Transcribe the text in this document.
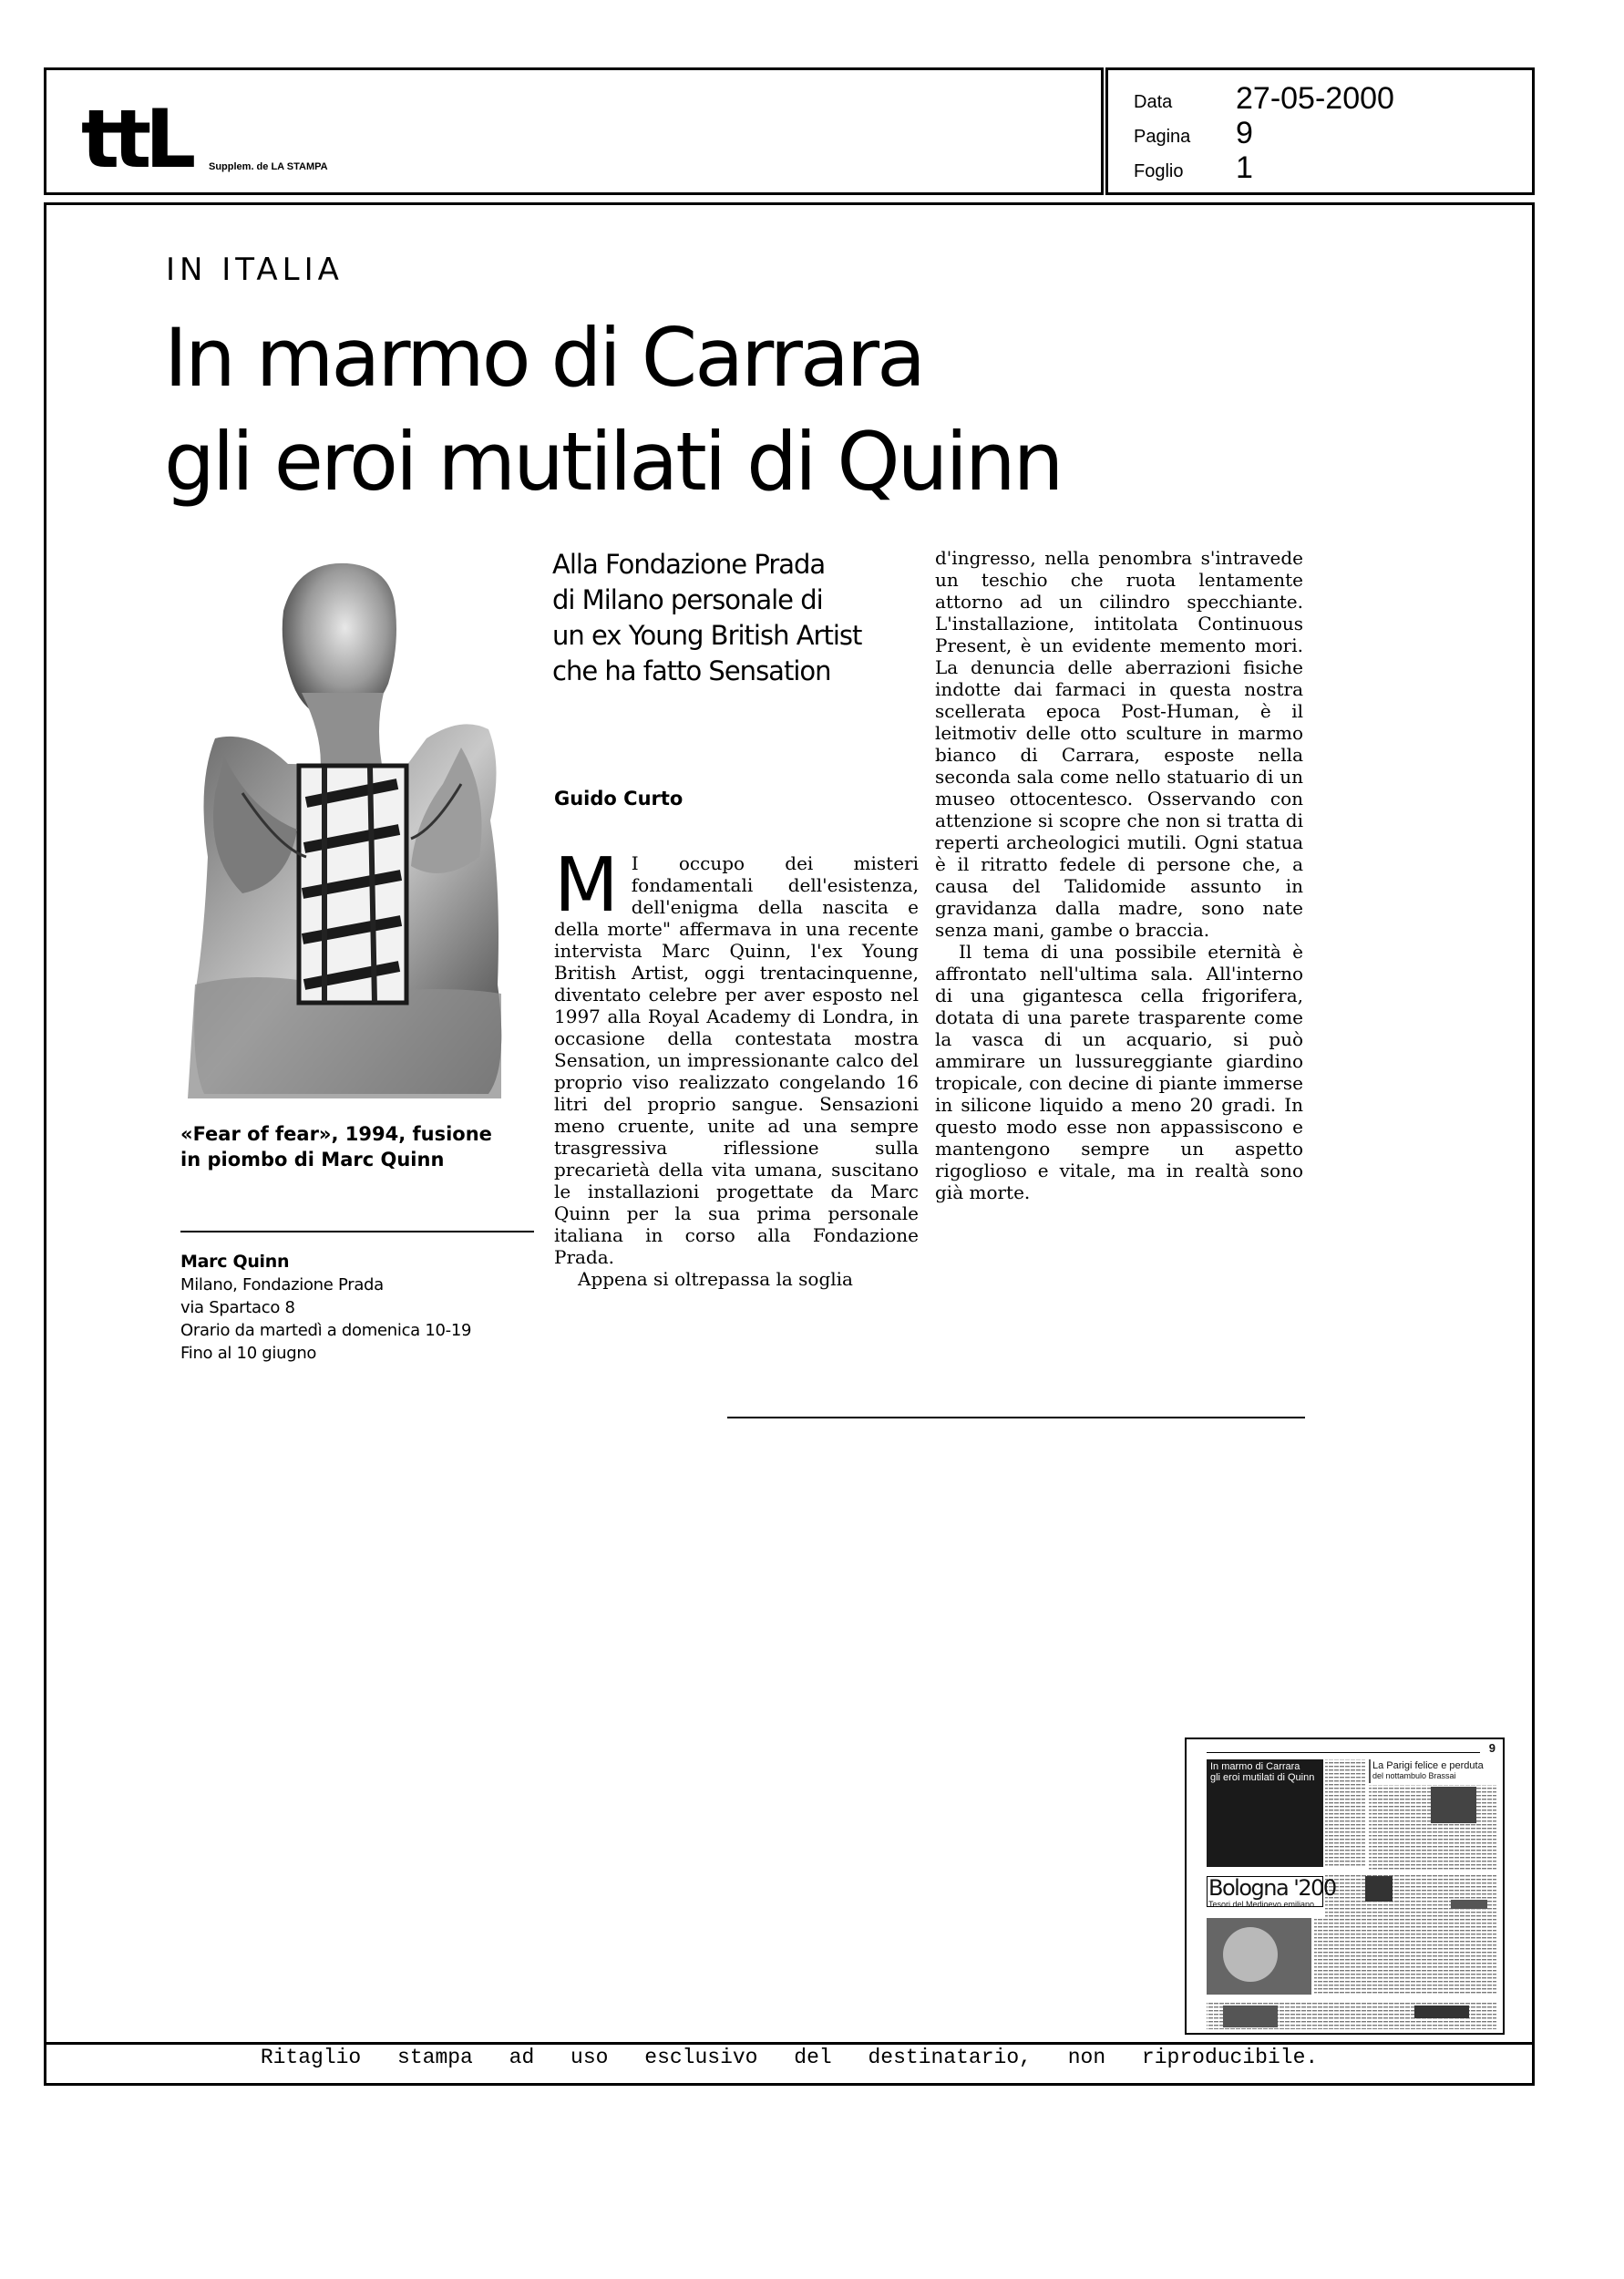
ttL Supplem. de LA STAMPA
Data 27-05-2000
Pagina 9
Foglio 1
IN ITALIA
In marmo di Carrara
gli eroi mutilati di Quinn

«Fear of fear», 1994, fusione in piombo di Marc Quinn

Marc Quinn
Milano, Fondazione Prada
via Spartaco 8
Orario da martedì a domenica 10-19
Fino al 10 giugno
Alla Fondazione Prada
di Milano personale di
un ex Young British Artist
che ha fatto Sensation
Guido Curto

M I occupo dei misteri fondamentali dell'esistenza, dell'enigma della nascita e della morte" affermava in una recente intervista Marc Quinn, l'ex Young British Artist, oggi trentacinquenne, diventato celebre per aver esposto nel 1997 alla Royal Academy di Londra, in occasione della contestata mostra Sensation, un impressionante calco del proprio viso realizzato congelando 16 litri del proprio sangue. Sensazioni meno cruente, unite ad una sempre trasgressiva riflessione sulla precarietà della vita umana, suscitano le installazioni progettate da Marc Quinn per la sua prima personale italiana in corso alla Fondazione Prada.

Appena si oltrepassa la soglia

d'ingresso, nella penombra s'intravede un teschio che ruota lentamente attorno ad un cilindro specchiante. L'installazione, intitolata Continuous Present, è un evidente memento mori. La denuncia delle aberrazioni fisiche indotte dai farmaci in questa nostra scellerata epoca Post-Human, è il leitmotiv delle otto sculture in marmo bianco di Carrara, esposte nella seconda sala come nello statuario di un museo ottocentesco. Osservando con attenzione si scopre che non si tratta di reperti archeologici mutili. Ogni statua è il ritratto fedele di persone che, a causa del Talidomide assunto in gravidanza dalla madre, sono nate senza mani, gambe o braccia.

Il tema di una possibile eternità è affrontato nell'ultima sala. All'interno di una gigantesca cella frigorifera, dotata di una parete trasparente come la vasca di un acquario, si può ammirare un lussureggiante giardino tropicale, con decine di piante immerse in silicone liquido a meno 20 gradi. In questo modo esse non appassiscono e mantengono sempre un aspetto rigoglioso e vitale, ma in realtà sono già morte.

9
In marmo di Carrara
gli eroi mutilati di Quinn
La Parigi felice e perduta
del nottambulo Brassai
Bologna '200
Tesori del Medioevo emiliano
Ritaglio stampa ad uso esclusivo del destinatario, non riproducibile.
